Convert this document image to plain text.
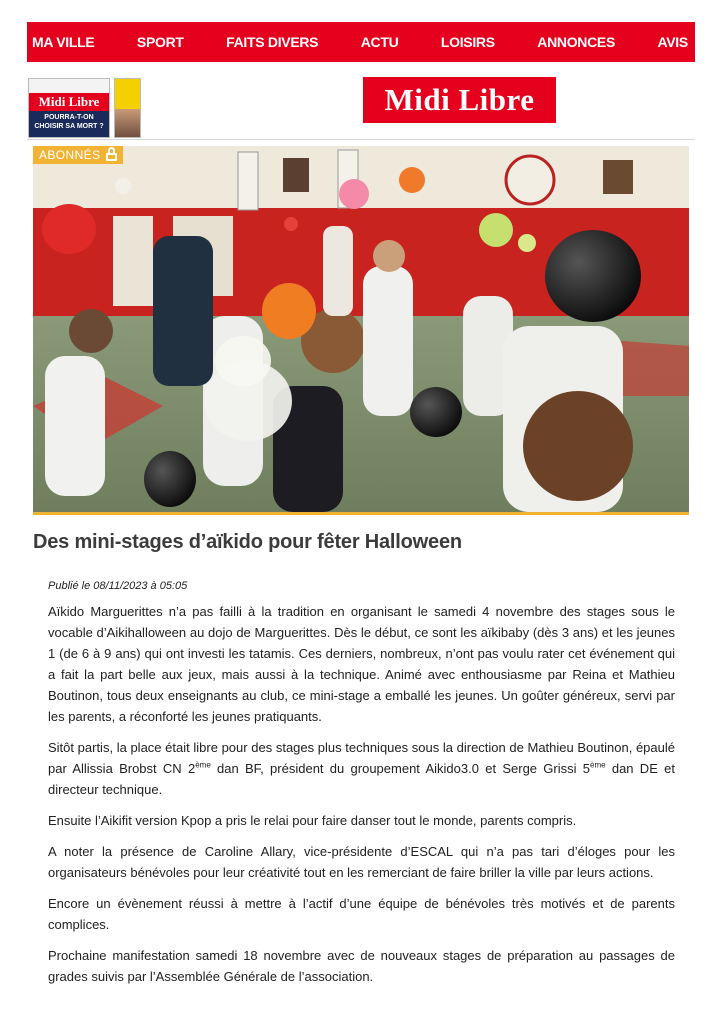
MA VILLE	SPORT	FAITS DIVERS	ACTU	LOISIRS	ANNONCES	AVIS
Midi Libre
POURRA-T-ON CHOISIR SA MORT ?
Midi Libre
ABONNÉS
Des mini-stages d’aïkido pour fêter Halloween
Publié le 08/11/2023 à 05:05

Aïkido Marguerittes n’a pas failli à la tradition en organisant le samedi 4 novembre des stages sous le vocable d’Aikihalloween au dojo de Marguerittes. Dès le début, ce sont les aïkibaby (dès 3 ans) et les jeunes 1 (de 6 à 9 ans) qui ont investi les tatamis. Ces derniers, nombreux, n’ont pas voulu rater cet événement qui a fait la part belle aux jeux, mais aussi à la technique. Animé avec enthousiasme par Reina et Mathieu Boutinon, tous deux enseignants au club, ce mini-stage a emballé les jeunes. Un goûter généreux, servi par les parents, a réconforté les jeunes pratiquants.

Sitôt partis, la place était libre pour des stages plus techniques sous la direction de Mathieu Boutinon, épaulé par Allissia Brobst CN 2ème dan BF, président du groupement Aikido3.0 et Serge Grissi 5ème dan DE et directeur technique.

Ensuite l’Aikifit version Kpop a pris le relai pour faire danser tout le monde, parents compris.

A noter la présence de Caroline Allary, vice-présidente d’ESCAL qui n’a pas tari d’éloges pour les organisateurs bénévoles pour leur créativité tout en les remerciant de faire briller la ville par leurs actions.

Encore un évènement réussi à mettre à l’actif d’une équipe de bénévoles très motivés et de parents complices.

Prochaine manifestation samedi 18 novembre avec de nouveaux stages de préparation au passages de grades suivis par l’Assemblée Générale de l’association.
